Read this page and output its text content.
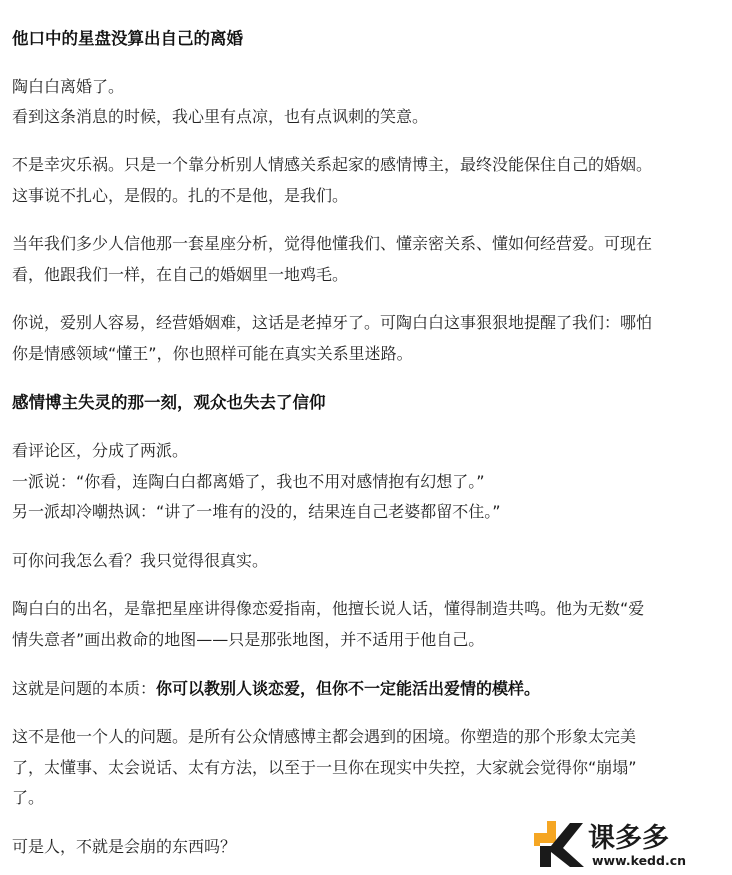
他口中的星盘没算出自己的离婚
陶白白离婚了。
看到这条消息的时候，我心里有点凉，也有点讽刺的笑意。
不是幸灾乐祸。只是一个靠分析别人情感关系起家的感情博主，最终没能保住自己的婚姻。
这事说不扎心，是假的。扎的不是他，是我们。
当年我们多少人信他那一套星座分析，觉得他懂我们、懂亲密关系、懂如何经营爱。可现在
看，他跟我们一样，在自己的婚姻里一地鸡毛。
你说，爱别人容易，经营婚姻难，这话是老掉牙了。可陶白白这事狠狠地提醒了我们：哪怕
你是情感领域“懂王”，你也照样可能在真实关系里迷路。
感情博主失灵的那一刻，观众也失去了信仰
看评论区，分成了两派。
一派说：“你看，连陶白白都离婚了，我也不用对感情抱有幻想了。”
另一派却冷嘲热讽：“讲了一堆有的没的，结果连自己老婆都留不住。”
可你问我怎么看？我只觉得很真实。
陶白白的出名，是靠把星座讲得像恋爱指南，他擅长说人话，懂得制造共鸣。他为无数“爱
情失意者”画出救命的地图——只是那张地图，并不适用于他自己。
这就是问题的本质：你可以教别人谈恋爱，但你不一定能活出爱情的模样。
这不是他一个人的问题。是所有公众情感博主都会遇到的困境。你塑造的那个形象太完美
了，太懂事、太会说话、太有方法，以至于一旦你在现实中失控，大家就会觉得你“崩塌”
了。
可是人，不就是会崩的东西吗？	课多多
www.kedd.cn
